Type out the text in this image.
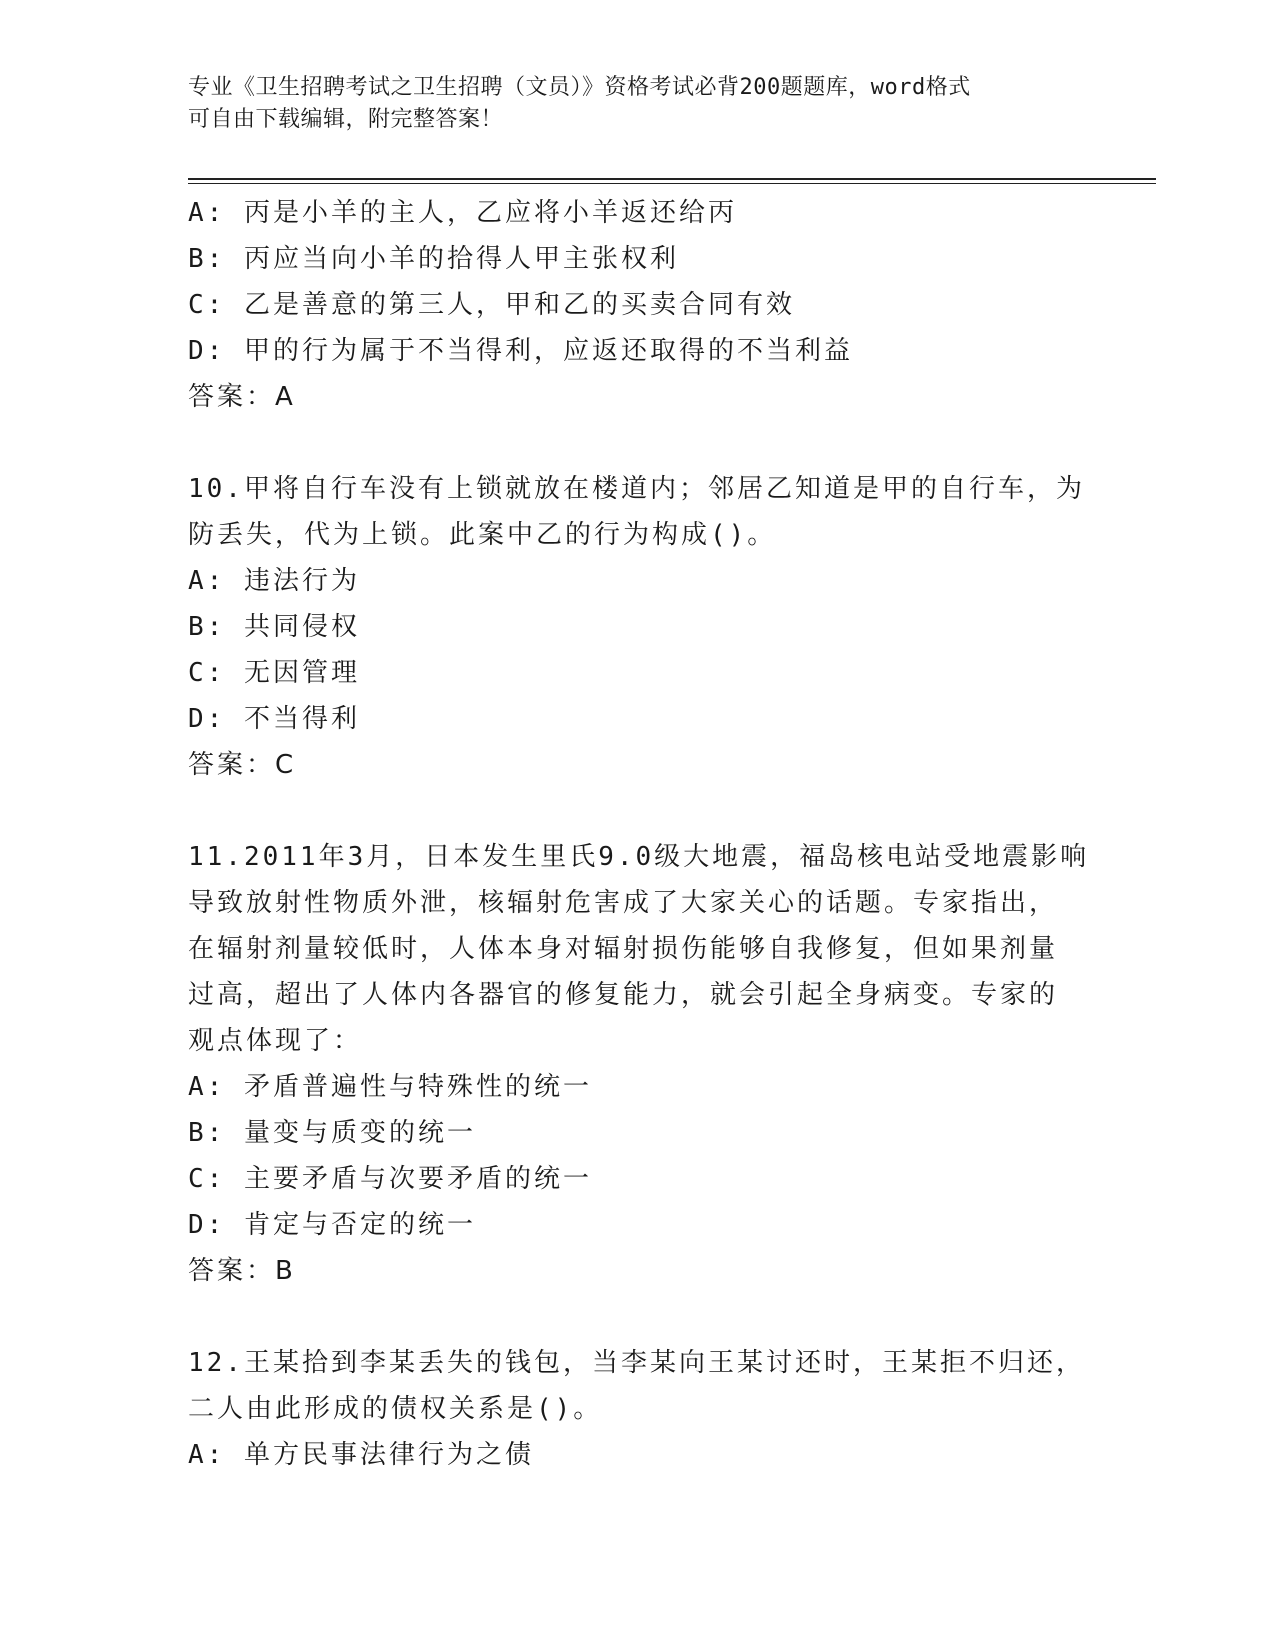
专业《卫生招聘考试之卫生招聘（文员）》资格考试必背200题题库，word格式
可自由下载编辑，附完整答案！
A: 丙是小羊的主人，乙应将小羊返还给丙
B: 丙应当向小羊的拾得人甲主张权利
C: 乙是善意的第三人，甲和乙的买卖合同有效
D: 甲的行为属于不当得利，应返还取得的不当利益
答案：A
10.甲将自行车没有上锁就放在楼道内；邻居乙知道是甲的自行车，为
防丢失，代为上锁。此案中乙的行为构成()。
A: 违法行为
B: 共同侵权
C: 无因管理
D: 不当得利
答案：C
11.2011年3月，日本发生里氏9.0级大地震，福岛核电站受地震影响
导致放射性物质外泄，核辐射危害成了大家关心的话题。专家指出，
在辐射剂量较低时，人体本身对辐射损伤能够自我修复，但如果剂量
过高，超出了人体内各器官的修复能力，就会引起全身病变。专家的
观点体现了：
A: 矛盾普遍性与特殊性的统一
B: 量变与质变的统一
C: 主要矛盾与次要矛盾的统一
D: 肯定与否定的统一
答案：B
12.王某拾到李某丢失的钱包，当李某向王某讨还时，王某拒不归还，
二人由此形成的债权关系是()。
A: 单方民事法律行为之债
